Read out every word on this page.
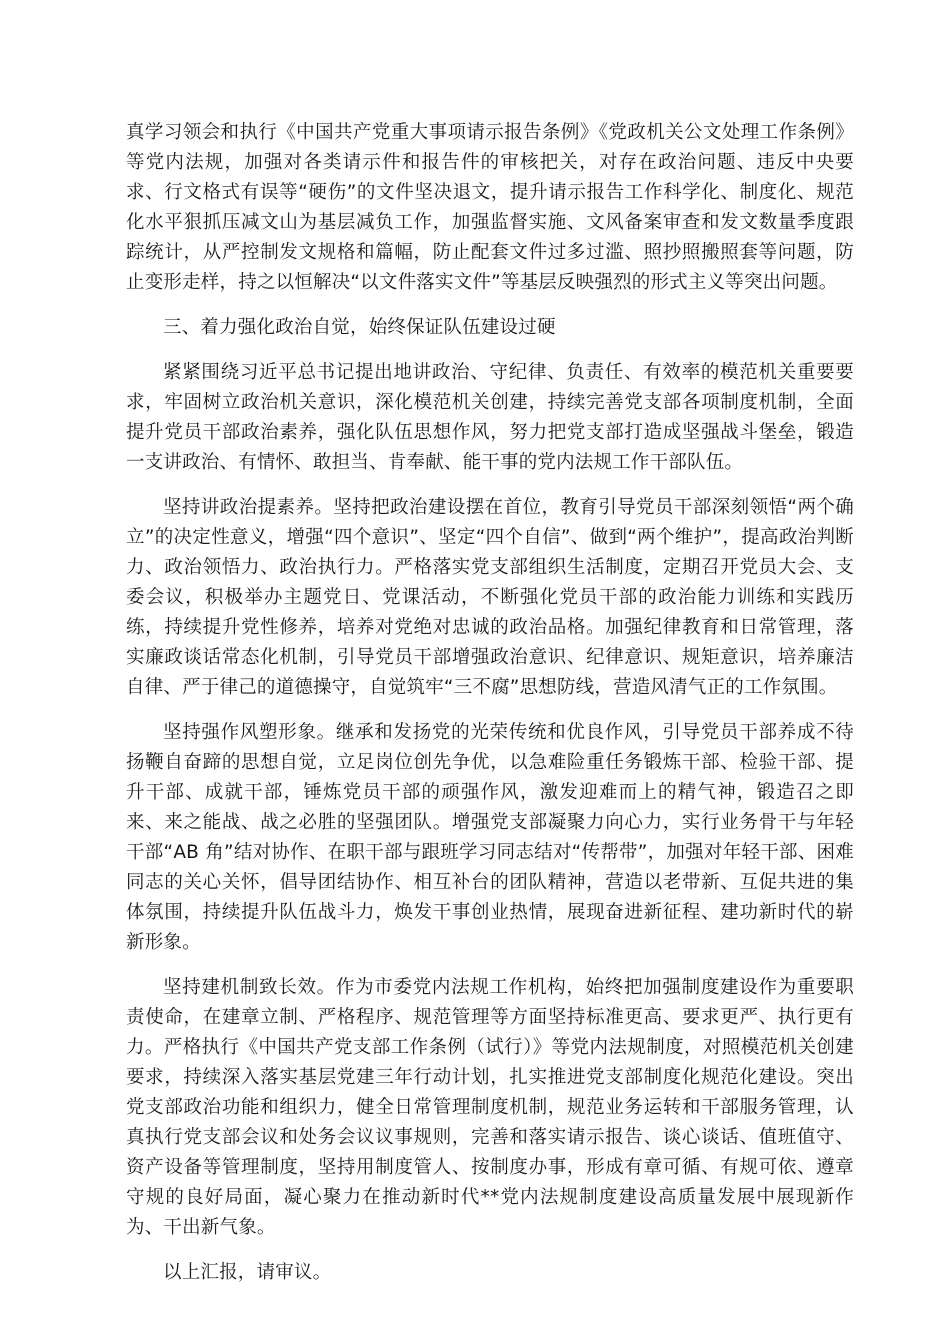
真学习领会和执行《中国共产党重大事项请示报告条例》《党政机关公文处理工作条例》等党内法规，加强对各类请示件和报告件的审核把关，对存在政治问题、违反中央要求、行文格式有误等“硬伤”的文件坚决退文，提升请示报告工作科学化、制度化、规范化水平狠抓压减文山为基层减负工作，加强监督实施、文风备案审查和发文数量季度跟踪统计，从严控制发文规格和篇幅，防止配套文件过多过滥、照抄照搬照套等问题，防止变形走样，持之以恒解决“以文件落实文件”等基层反映强烈的形式主义等突出问题。

三、着力强化政治自觉，始终保证队伍建设过硬

紧紧围绕习近平总书记提出地讲政治、守纪律、负责任、有效率的模范机关重要要求，牢固树立政治机关意识，深化模范机关创建，持续完善党支部各项制度机制，全面提升党员干部政治素养，强化队伍思想作风，努力把党支部打造成坚强战斗堡垒，锻造一支讲政治、有情怀、敢担当、肯奉献、能干事的党内法规工作干部队伍。

坚持讲政治提素养。坚持把政治建设摆在首位，教育引导党员干部深刻领悟“两个确立”的决定性意义，增强“四个意识”、坚定“四个自信”、做到“两个维护”，提高政治判断力、政治领悟力、政治执行力。严格落实党支部组织生活制度，定期召开党员大会、支委会议，积极举办主题党日、党课活动，不断强化党员干部的政治能力训练和实践历练，持续提升党性修养，培养对党绝对忠诚的政治品格。加强纪律教育和日常管理，落实廉政谈话常态化机制，引导党员干部增强政治意识、纪律意识、规矩意识，培养廉洁自律、严于律己的道德操守，自觉筑牢“三不腐”思想防线，营造风清气正的工作氛围。

坚持强作风塑形象。继承和发扬党的光荣传统和优良作风，引导党员干部养成不待扬鞭自奋蹄的思想自觉，立足岗位创先争优，以急难险重任务锻炼干部、检验干部、提升干部、成就干部，锤炼党员干部的顽强作风，激发迎难而上的精气神，锻造召之即来、来之能战、战之必胜的坚强团队。增强党支部凝聚力向心力，实行业务骨干与年轻干部“AB 角”结对协作、在职干部与跟班学习同志结对“传帮带”，加强对年轻干部、困难同志的关心关怀，倡导团结协作、相互补台的团队精神，营造以老带新、互促共进的集体氛围，持续提升队伍战斗力，焕发干事创业热情，展现奋进新征程、建功新时代的崭新形象。

坚持建机制致长效。作为市委党内法规工作机构，始终把加强制度建设作为重要职责使命，在建章立制、严格程序、规范管理等方面坚持标准更高、要求更严、执行更有力。严格执行《中国共产党支部工作条例（试行）》等党内法规制度，对照模范机关创建要求，持续深入落实基层党建三年行动计划，扎实推进党支部制度化规范化建设。突出党支部政治功能和组织力，健全日常管理制度机制，规范业务运转和干部服务管理，认真执行党支部会议和处务会议议事规则，完善和落实请示报告、谈心谈话、值班值守、资产设备等管理制度，坚持用制度管人、按制度办事，形成有章可循、有规可依、遵章守规的良好局面，凝心聚力在推动新时代**党内法规制度建设高质量发展中展现新作为、干出新气象。

以上汇报，请审议。
